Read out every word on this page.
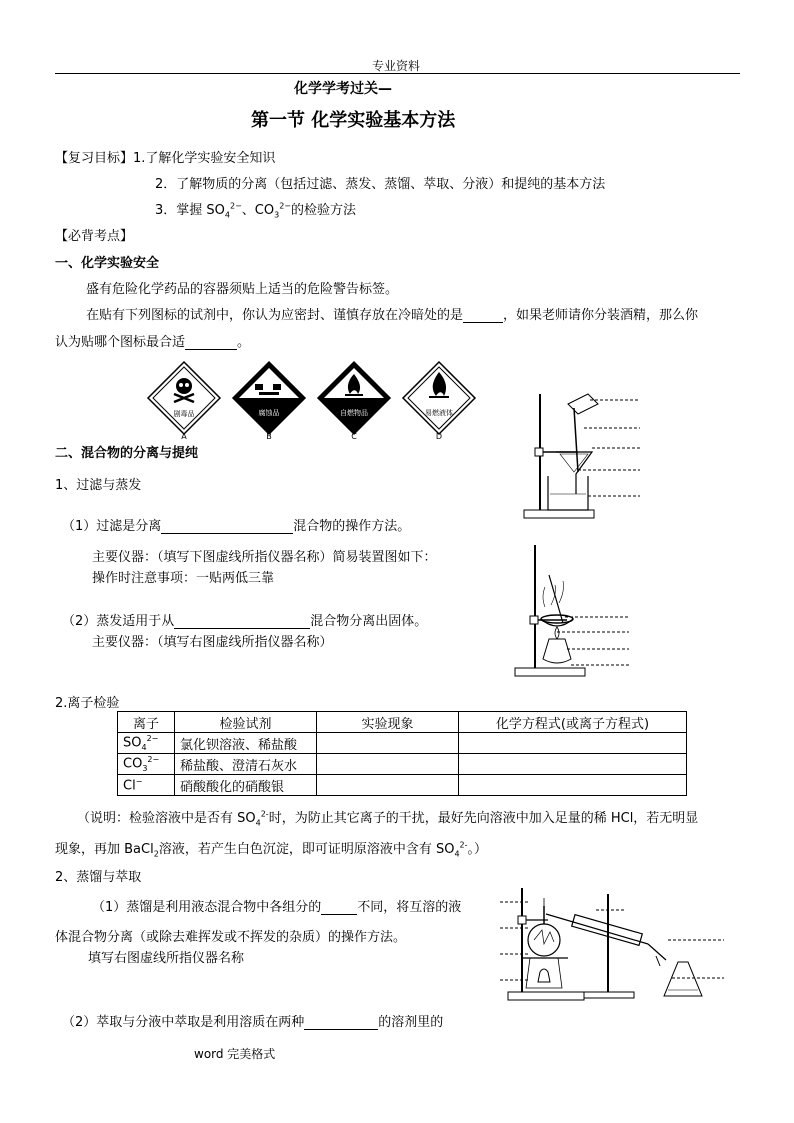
专业资料
化学学考过关—
第一节 化学实验基本方法
【复习目标】1.了解化学实验安全知识
2．了解物质的分离（包括过滤、蒸发、蒸馏、萃取、分液）和提纯的基本方法
3．掌握 $SO_4^{2-}$、$CO_3^{2-}$的检验方法
【必背考点】
一、化学实验安全
盛有危险化学药品的容器须贴上适当的危险警告标签。
在贴有下列图标的试剂中，你认为应密封、谨慎存放在冷暗处的是	，如果老师请你分装酒精，那么你
认为贴哪个图标最合适	。
剧毒品
A
腐蚀品
B
自燃物品
C
易燃液体
D
二、混合物的分离与提纯
1、过滤与蒸发
（1）过滤是分离	混合物的操作方法。
主要仪器：（填写下图虚线所指仪器名称）简易装置图如下：
操作时注意事项：一贴两低三靠
（2）蒸发适用于从	混合物分离出固体。
主要仪器：（填写右图虚线所指仪器名称）
2.离子检验
离子	检验试剂	实验现象	化学方程式(或离子方程式)
$SO_4^{2-}$	氯化钡溶液、稀盐酸		
$CO_3^{2-}$	稀盐酸、澄清石灰水		
Cl−	硝酸酸化的硝酸银		
（说明：检验溶液中是否有 $SO_4^{2-}$时，为防止其它离子的干扰，最好先向溶液中加入足量的稀 HCl，若无明显
现象，再加 BaCl$_2$溶液，若产生白色沉淀，即可证明原溶液中含有 $SO_4^{2-}$。）
2、蒸馏与萃取
（1）蒸馏是利用液态混合物中各组分的	不同，将互溶的液
体混合物分离（或除去难挥发或不挥发的杂质）的操作方法。
填写右图虚线所指仪器名称
（2）萃取与分液中萃取是利用溶质在两种	的溶剂里的
word 完美格式
